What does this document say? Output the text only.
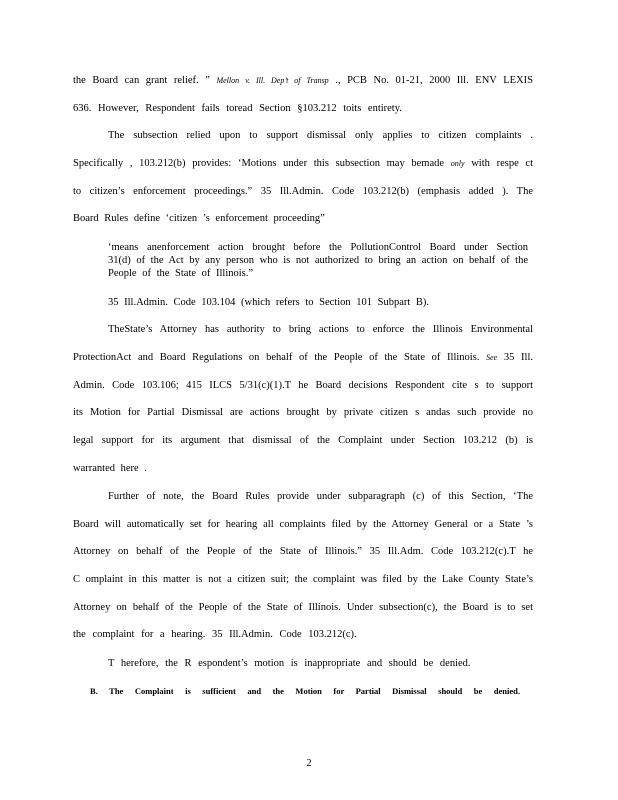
the Board can grant relief. ” Mellon v. Ill. Dep’t of Transp ., PCB No. 01-21, 2000 Ill. ENV LEXIS
636. However, Respondent fails toread Section §103.212 toits entirety.
The subsection relied upon to support dismissal only applies to citizen complaints .
Specifically , 103.212(b) provides: ‘Motions under this subsection may bemade only with respe ct
to citizen’s enforcement proceedings.” 35 Ill.Admin. Code 103.212(b) (emphasis added ). The
Board Rules define ‘citizen ’s enforcement proceeding”
‘means anenforcement action brought before the PollutionControl Board under Section
31(d) of the Act by any person who is not authorized to bring an action on behalf of the
People of the State of Illinois.”
35 Ill.Admin. Code 103.104 (which refers to Section 101 Subpart B).
TheState’s Attorney has authority to bring actions to enforce the Illinois Environmental
ProtectionAct and Board Regulations on behalf of the People of the State of Illinois. See 35 Ill.
Admin. Code 103.106; 415 ILCS 5/31(c)(1).T he Board decisions Respondent cite s to support
its Motion for Partial Dismissal are actions brought by private citizen s andas such provide no
legal support for its argument that dismissal of the Complaint under Section 103.212 (b) is
warranted here .
Further of note, the Board Rules provide under subparagraph (c) of this Section, ‘The
Board will automatically set for hearing all complaints filed by the Attorney General or a State ’s
Attorney on behalf of the People of the State of Illinois.” 35 Ill.Adm. Code 103.212(c).T he
C omplaint in this matter is not a citizen suit; the complaint was filed by the Lake County State’s
Attorney on behalf of the People of the State of Illinois. Under subsection(c), the Board is to set
the complaint for a hearing. 35 Ill.Admin. Code 103.212(c).
T herefore, the R espondent’s motion is inappropriate and should be denied.
B. The Complaint is sufficient and the Motion for Partial Dismissal should be denied.
2
